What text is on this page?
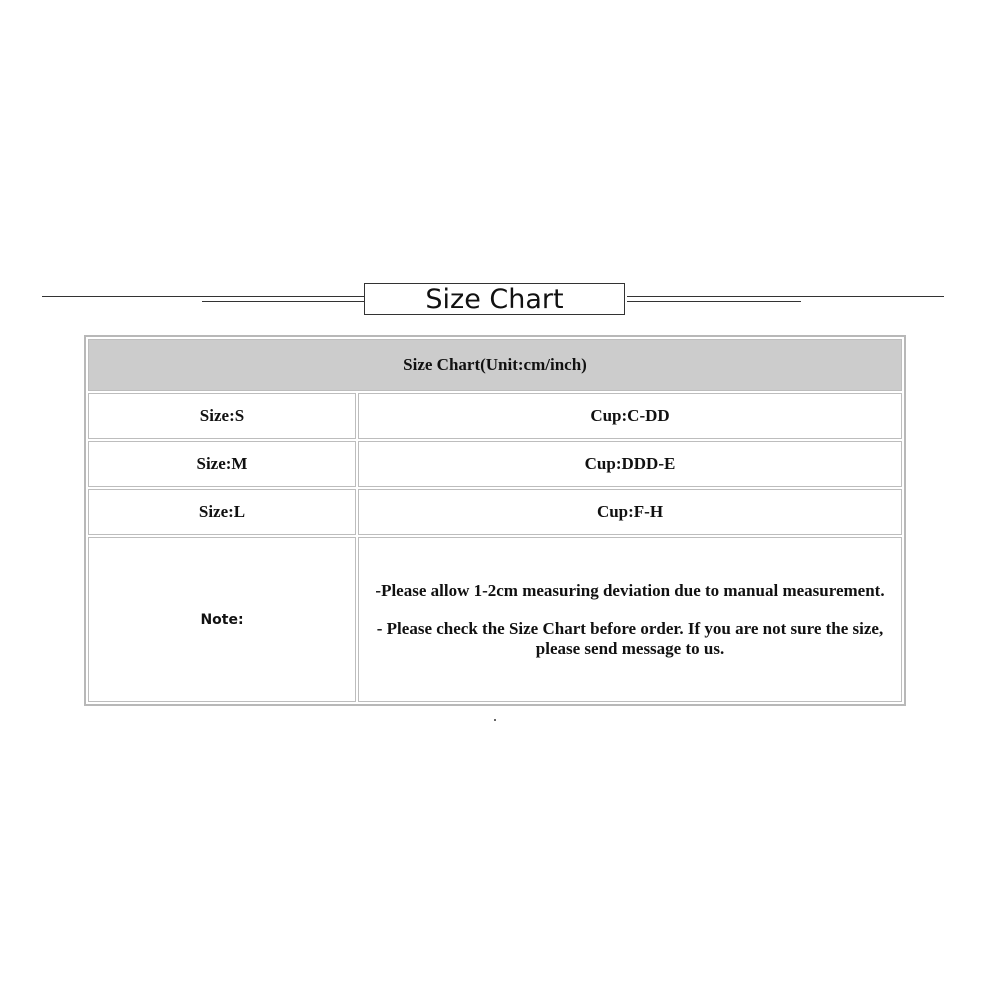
Size Chart
Size Chart(Unit:cm/inch)	
Size:S	Cup:C-DD
Size:M	Cup:DDD-E
Size:L	Cup:F-H
Note:	-Please allow 1-2cm measuring deviation due to manual measurement.
- Please check the Size Chart before order. If you are not sure the size, please send message to us.
